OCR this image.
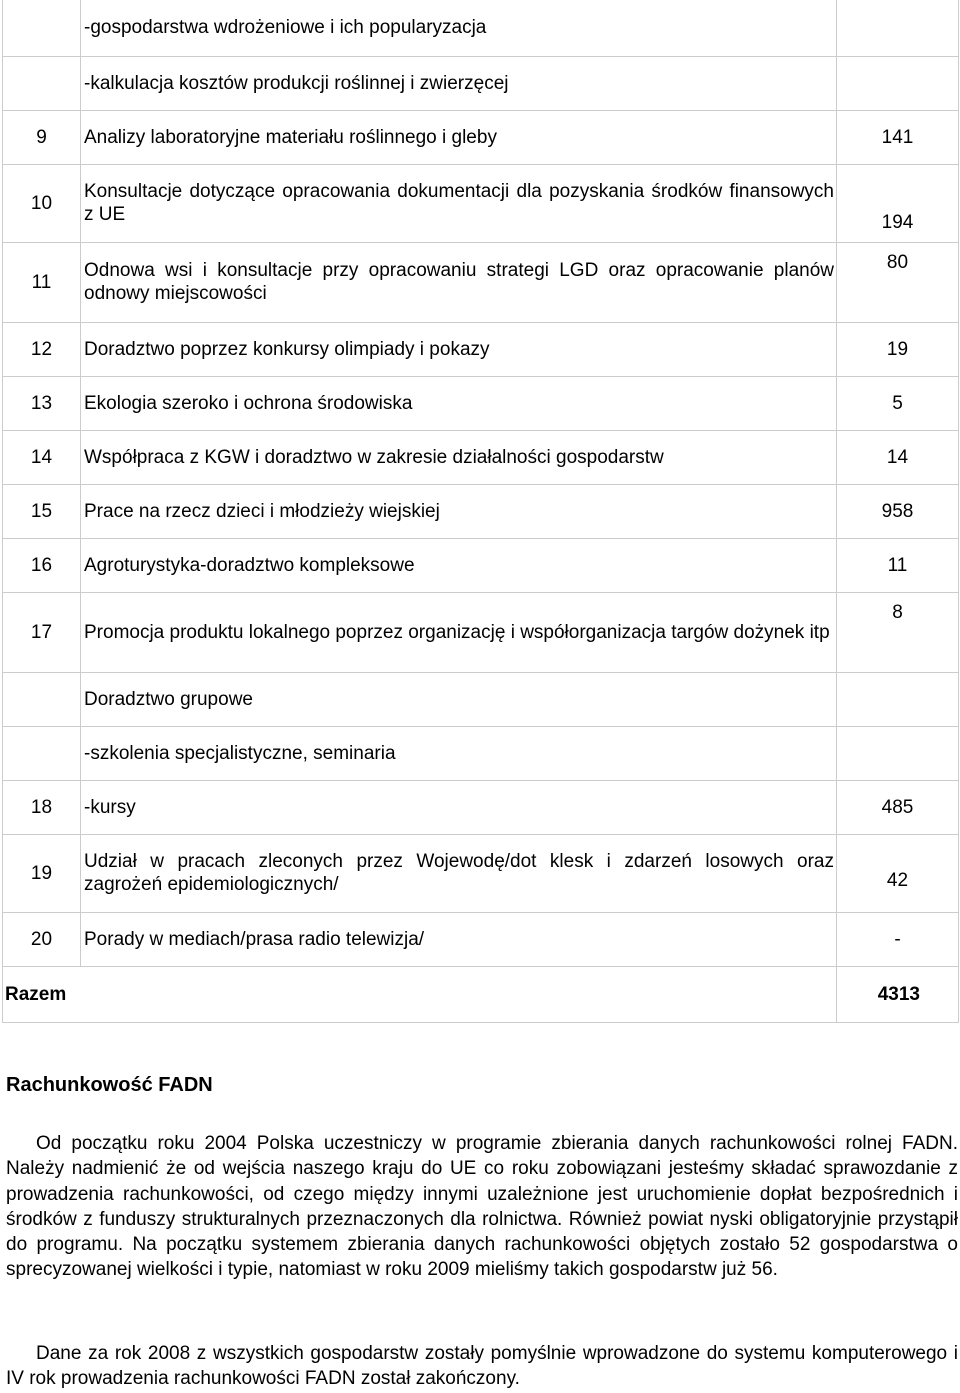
	-gospodarstwa wdrożeniowe i ich popularyzacja	
	-kalkulacja kosztów produkcji roślinnej i zwierzęcej	
9	Analizy laboratoryjne materiału roślinnego i gleby	141
10	Konsultacje dotyczące opracowania dokumentacji dla pozyskania środków finansowych z UE	194
11	Odnowa wsi i konsultacje przy opracowaniu strategi LGD oraz opracowanie planów odnowy miejscowości	80
12	Doradztwo poprzez konkursy olimpiady i pokazy	19
13	Ekologia szeroko i ochrona środowiska	5
14	Współpraca z KGW i doradztwo w zakresie działalności gospodarstw	14
15	Prace na rzecz dzieci i młodzieży wiejskiej	958
16	Agroturystyka-doradztwo kompleksowe	11
17	Promocja produktu lokalnego poprzez organizację i współorganizacja targów dożynek itp	8
	Doradztwo grupowe	
	-szkolenia specjalistyczne, seminaria	
18	-kursy	485
19	Udział w pracach zleconych przez Wojewodę/dot klesk i zdarzeń losowych oraz zagrożeń epidemiologicznych/	42
20	Porady w mediach/prasa radio telewizja/	-
Razem		4313
Rachunkowość FADN
Od początku roku 2004 Polska uczestniczy w programie zbierania danych rachunkowości rolnej FADN. Należy nadmienić że od wejścia naszego kraju do UE co roku zobowiązani jesteśmy składać sprawozdanie z prowadzenia rachunkowości, od czego między innymi uzależnione jest uruchomienie dopłat bezpośrednich i środków z funduszy strukturalnych przeznaczonych dla rolnictwa. Również powiat nyski obligatoryjnie przystąpił do programu. Na początku systemem zbierania danych rachunkowości objętych zostało 52 gospodarstwa o sprecyzowanej wielkości i typie, natomiast w roku 2009 mieliśmy takich gospodarstw już 56.
Dane za rok 2008 z wszystkich gospodarstw zostały pomyślnie wprowadzone do systemu komputerowego i IV rok prowadzenia rachunkowości FADN został zakończony.
